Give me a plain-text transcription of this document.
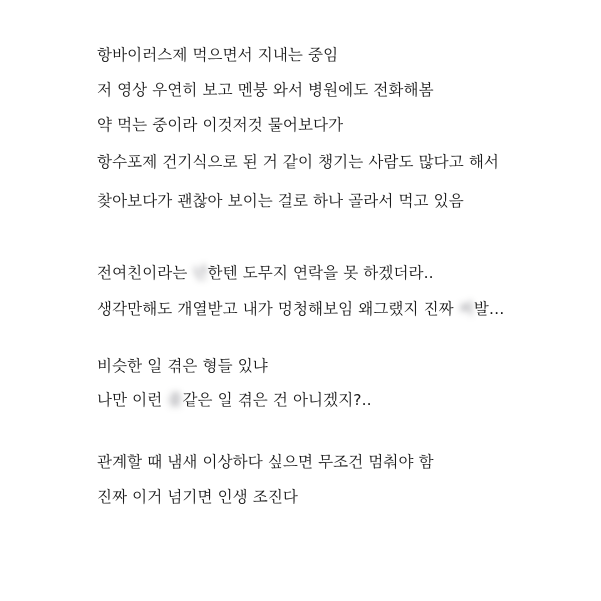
항바이러스제 먹으면서 지내는 중임
저 영상 우연히 보고 멘붕 와서 병원에도 전화해봄
약 먹는 중이라 이것저것 물어보다가
항수포제 건기식으로 된 거 같이 챙기는 사람도 많다고 해서
찾아보다가 괜찮아 보이는 걸로 하나 골라서 먹고 있음
전여친이라는 년한텐 도무지 연락을 못 하겠더라..
생각만해도 개열받고 내가 멍청해보임 왜그랬지 진짜 씨발…
비슷한 일 겪은 형들 있냐
나만 이런 좆같은 일 겪은 건 아니겠지?..
관계할 때 냄새 이상하다 싶으면 무조건 멈춰야 함
진짜 이거 넘기면 인생 조진다
